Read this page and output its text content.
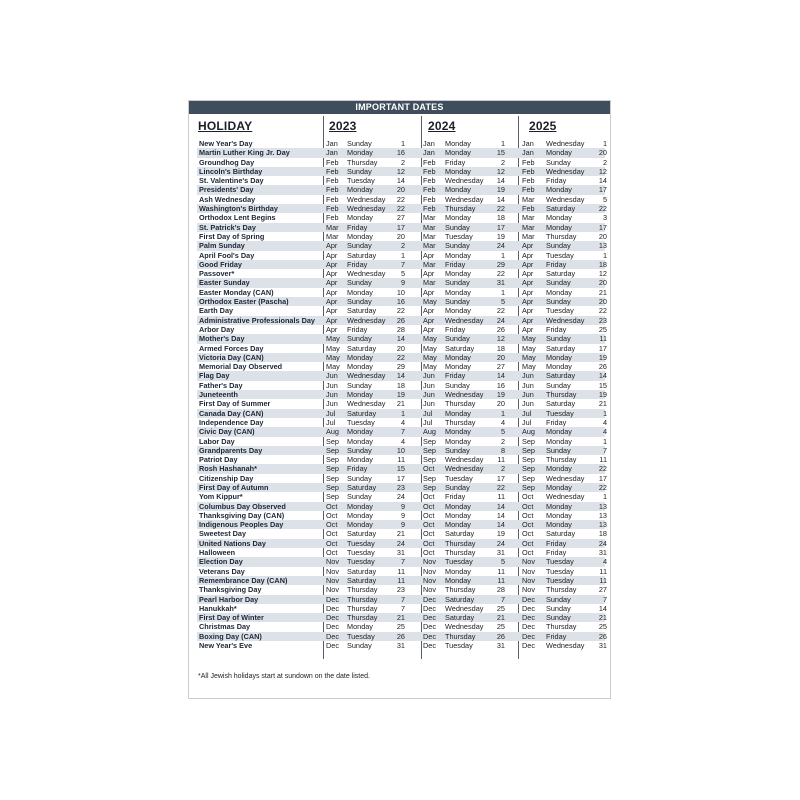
IMPORTANT DATES
HOLIDAY	2023	2024	2025
New Year's Day	Jan Sunday	1 Jan Monday	1 Jan Wednesday	1
Martin Luther King Jr. Day	Jan Monday	16 Jan Monday	15 Jan Monday	20
Groundhog Day	Feb Thursday	2 Feb Friday	2 Feb Sunday	2
Lincoln's Birthday	Feb Sunday	12 Feb Monday	12 Feb Wednesday	12
St. Valentine's Day	Feb Tuesday	14 Feb Wednesday	14 Feb Friday	14
Presidents' Day	Feb Monday	20 Feb Monday	19 Feb Monday	17
Ash Wednesday	Feb Wednesday	22 Feb Wednesday	14 Mar Wednesday	5
Washington's Birthday	Feb Wednesday	22 Feb Thursday	22 Feb Saturday	22
Orthodox Lent Begins	Feb Monday	27 Mar Monday	18 Mar Monday	3
St. Patrick's Day	Mar Friday	17 Mar Sunday	17 Mar Monday	17
First Day of Spring	Mar Monday	20 Mar Tuesday	19 Mar Thursday	20
Palm Sunday	Apr Sunday	2 Mar Sunday	24 Apr Sunday	13
April Fool's Day	Apr Saturday	1 Apr Monday	1 Apr Tuesday	1
Good Friday	Apr Friday	7 Mar Friday	29 Apr Friday	18
Passover*	Apr Wednesday	5 Apr Monday	22 Apr Saturday	12
Easter Sunday	Apr Sunday	9 Mar Sunday	31 Apr Sunday	20
Easter Monday (CAN)	Apr Monday	10 Apr Monday	1 Apr Monday	21
Orthodox Easter (Pascha)	Apr Sunday	16 May Sunday	5 Apr Sunday	20
Earth Day	Apr Saturday	22 Apr Monday	22 Apr Tuesday	22
Administrative Professionals Day Apr Wednesday	26 Apr Wednesday	24 Apr Wednesday	23
Arbor Day	Apr Friday	28 Apr Friday	26 Apr Friday	25
Mother's Day	May Sunday	14 May Sunday	12 May Sunday	11
Armed Forces Day	May Saturday	20 May Saturday	18 May Saturday	17
Victoria Day (CAN)	May Monday	22 May Monday	20 May Monday	19
Memorial Day Observed	May Monday	29 May Monday	27 May Monday	26
Flag Day	Jun Wednesday	14 Jun Friday	14 Jun Saturday	14
Father's Day	Jun Sunday	18 Jun Sunday	16 Jun Sunday	15
Juneteenth	Jun Monday	19 Jun Wednesday	19 Jun Thursday	19
First Day of Summer	Jun Wednesday	21 Jun Thursday	20 Jun Saturday	21
Canada Day (CAN)	Jul Saturday	1 Jul Monday	1 Jul Tuesday	1
Independence Day	Jul Tuesday	4 Jul Thursday	4 Jul Friday	4
Civic Day (CAN)	Aug Monday	7 Aug Monday	5 Aug Monday	4
Labor Day	Sep Monday	4 Sep Monday	2 Sep Monday	1
Grandparents Day	Sep Sunday	10 Sep Sunday	8 Sep Sunday	7
Patriot Day	Sep Monday	11 Sep Wednesday	11 Sep Thursday	11
Rosh Hashanah*	Sep Friday	15 Oct Wednesday	2 Sep Monday	22
Citizenship Day	Sep Sunday	17 Sep Tuesday	17 Sep Wednesday	17
First Day of Autumn	Sep Saturday	23 Sep Sunday	22 Sep Monday	22
Yom Kippur*	Sep Sunday	24 Oct Friday	11 Oct Wednesday	1
Columbus Day Observed	Oct Monday	9 Oct Monday	14 Oct Monday	13
Thanksgiving Day (CAN)	Oct Monday	9 Oct Monday	14 Oct Monday	13
Indigenous Peoples Day	Oct Monday	9 Oct Monday	14 Oct Monday	13
Sweetest Day	Oct Saturday	21 Oct Saturday	19 Oct Saturday	18
United Nations Day	Oct Tuesday	24 Oct Thursday	24 Oct Friday	24
Halloween	Oct Tuesday	31 Oct Thursday	31 Oct Friday	31
Election Day	Nov Tuesday	7 Nov Tuesday	5 Nov Tuesday	4
Veterans Day	Nov Saturday	11 Nov Monday	11 Nov Tuesday	11
Remembrance Day (CAN)	Nov Saturday	11 Nov Monday	11 Nov Tuesday	11
Thanksgiving Day	Nov Thursday	23 Nov Thursday	28 Nov Thursday	27
Pearl Harbor Day	Dec Thursday	7 Dec Saturday	7 Dec Sunday	7
Hanukkah*	Dec Thursday	7 Dec Wednesday	25 Dec Sunday	14
First Day of Winter	Dec Thursday	21 Dec Saturday	21 Dec Sunday	21
Christmas Day	Dec Monday	25 Dec Wednesday	25 Dec Thursday	25
Boxing Day (CAN)	Dec Tuesday	26 Dec Thursday	26 Dec Friday	26
New Year's Eve	Dec Sunday	31 Dec Tuesday	31 Dec Wednesday	31
*All Jewish holidays start at sundown on the date listed.
